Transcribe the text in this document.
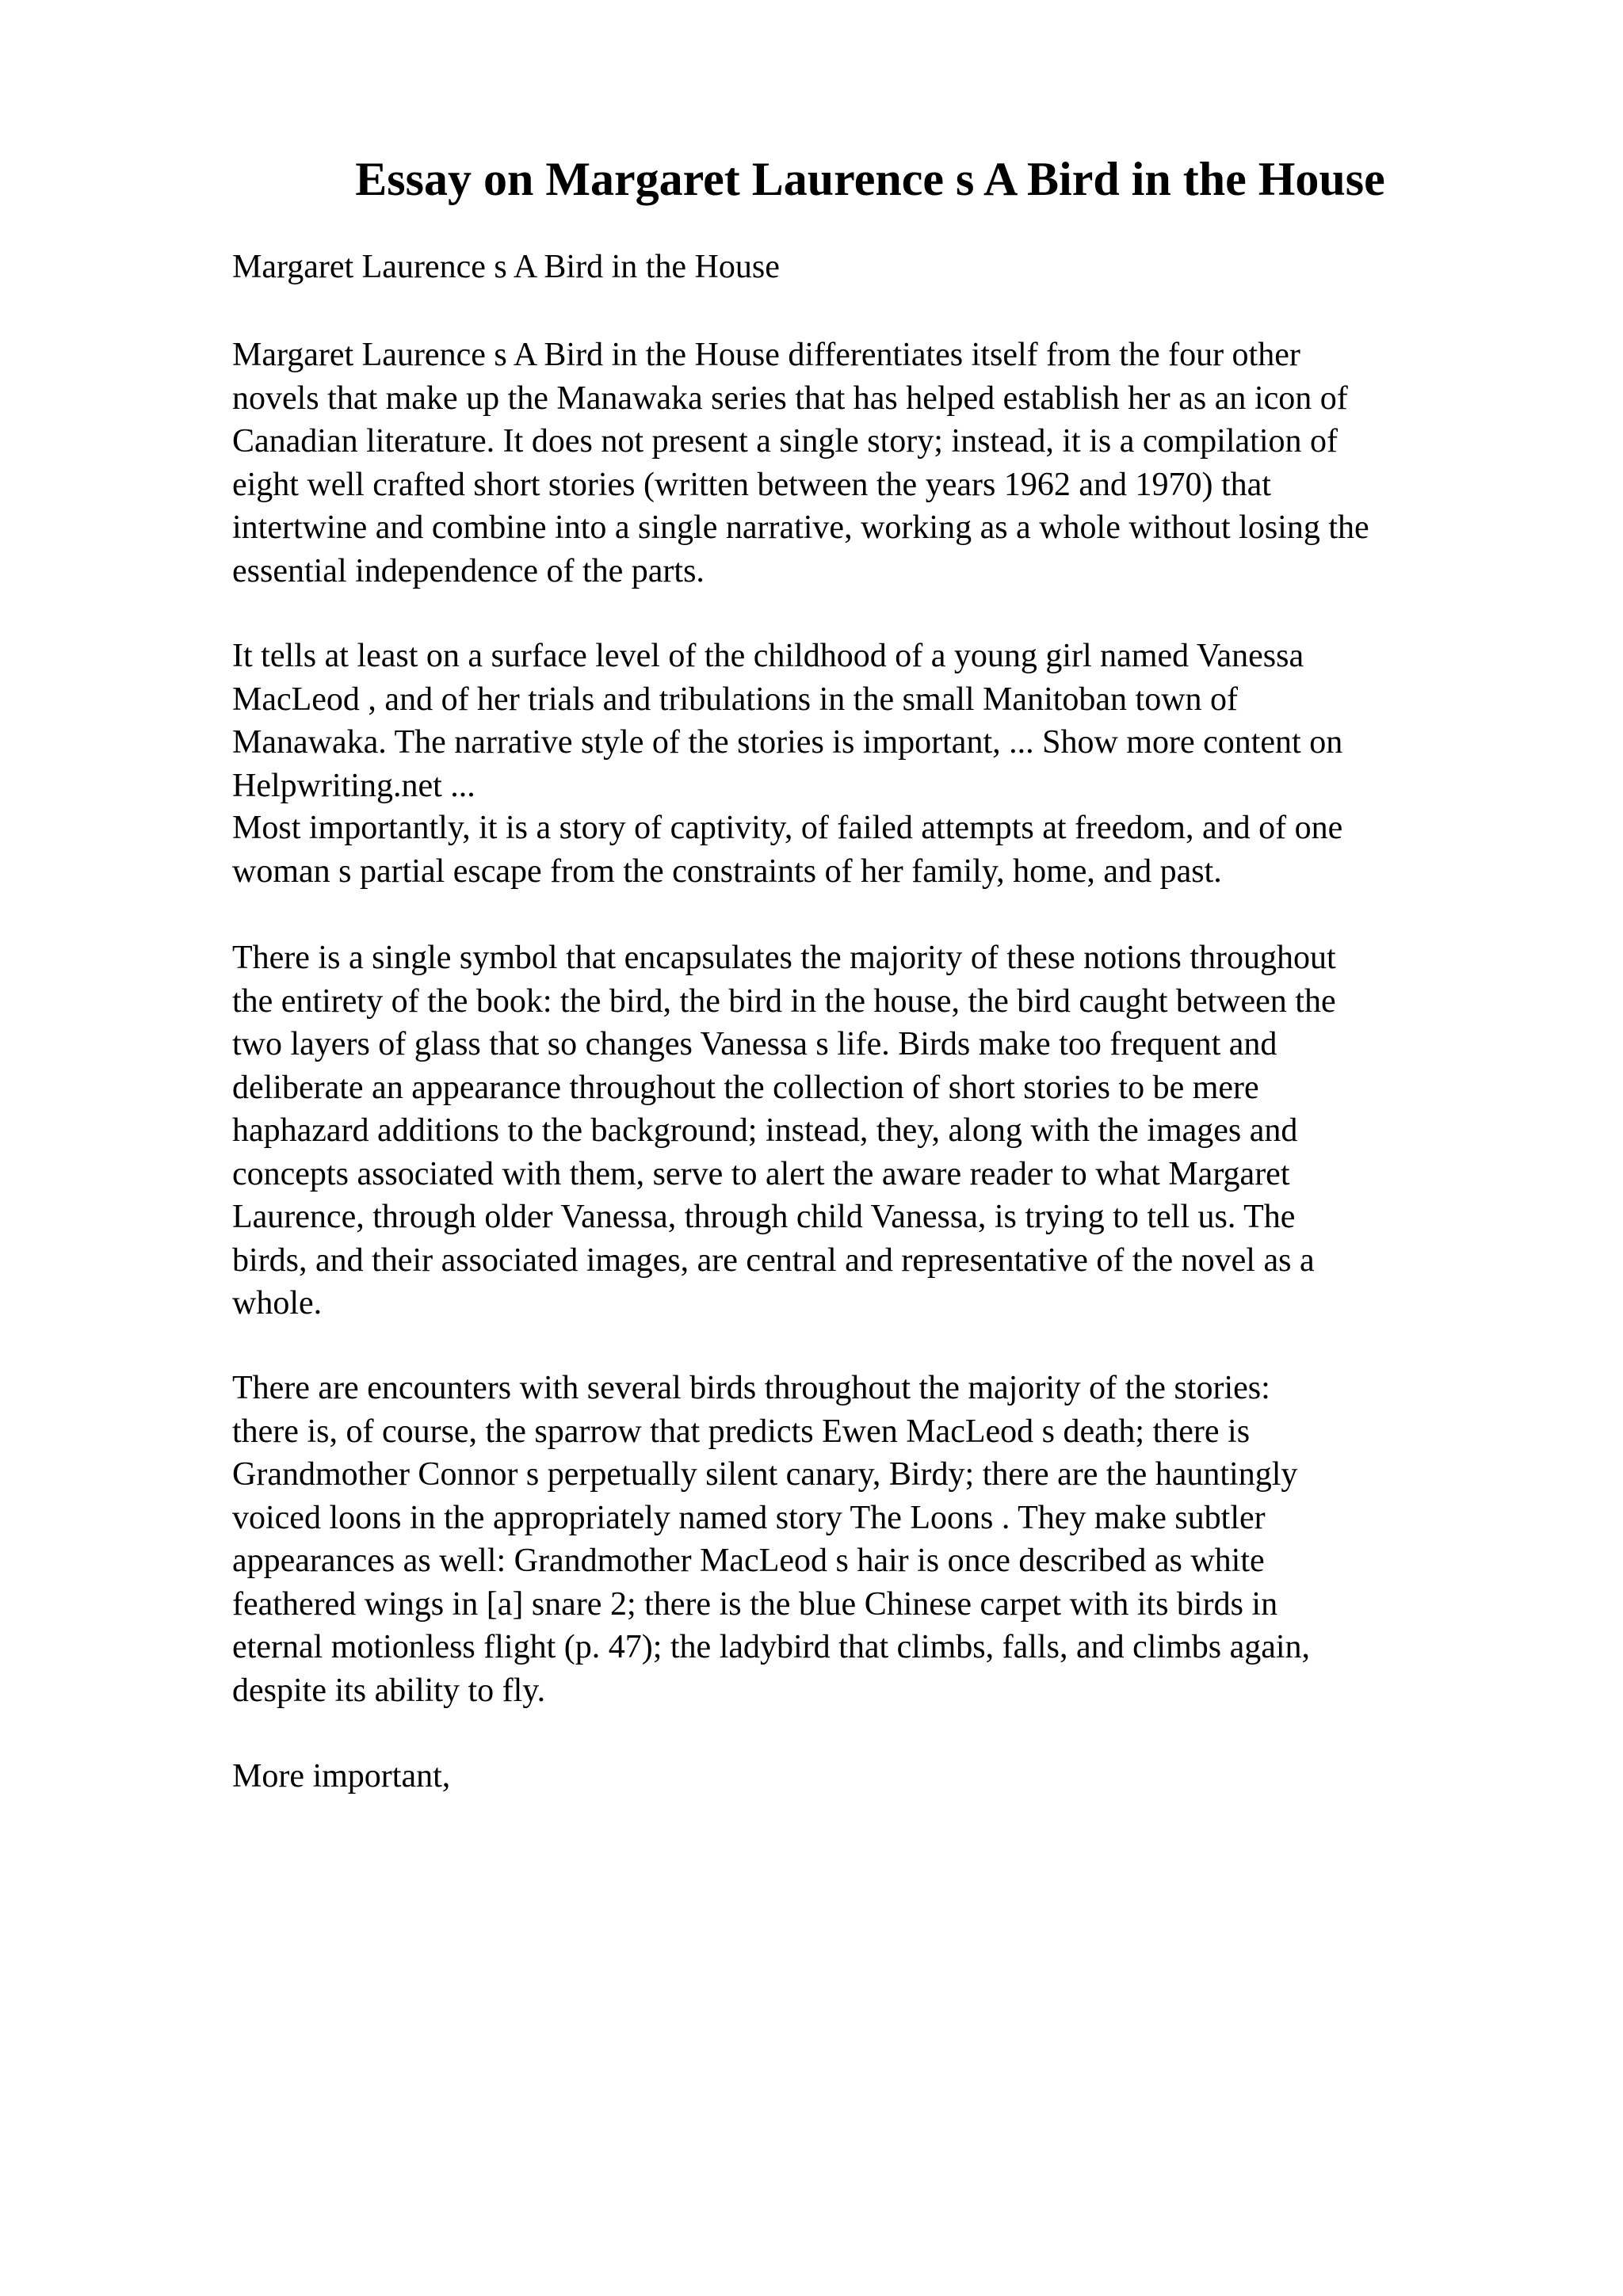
Essay on Margaret Laurence s A Bird in the House

Margaret Laurence s A Bird in the House

Margaret Laurence s A Bird in the House differentiates itself from the four other
novels that make up the Manawaka series that has helped establish her as an icon of
Canadian literature. It does not present a single story; instead, it is a compilation of
eight well crafted short stories (written between the years 1962 and 1970) that
intertwine and combine into a single narrative, working as a whole without losing the
essential independence of the parts.

It tells at least on a surface level of the childhood of a young girl named Vanessa
MacLeod , and of her trials and tribulations in the small Manitoban town of
Manawaka. The narrative style of the stories is important, ... Show more content on
Helpwriting.net ...

Most importantly, it is a story of captivity, of failed attempts at freedom, and of one
woman s partial escape from the constraints of her family, home, and past.

There is a single symbol that encapsulates the majority of these notions throughout
the entirety of the book: the bird, the bird in the house, the bird caught between the
two layers of glass that so changes Vanessa s life. Birds make too frequent and
deliberate an appearance throughout the collection of short stories to be mere
haphazard additions to the background; instead, they, along with the images and
concepts associated with them, serve to alert the aware reader to what Margaret
Laurence, through older Vanessa, through child Vanessa, is trying to tell us. The
birds, and their associated images, are central and representative of the novel as a
whole.

There are encounters with several birds throughout the majority of the stories:
there is, of course, the sparrow that predicts Ewen MacLeod s death; there is
Grandmother Connor s perpetually silent canary, Birdy; there are the hauntingly
voiced loons in the appropriately named story The Loons . They make subtler
appearances as well: Grandmother MacLeod s hair is once described as white
feathered wings in [a] snare 2; there is the blue Chinese carpet with its birds in
eternal motionless flight (p. 47); the ladybird that climbs, falls, and climbs again,
despite its ability to fly.

More important,
